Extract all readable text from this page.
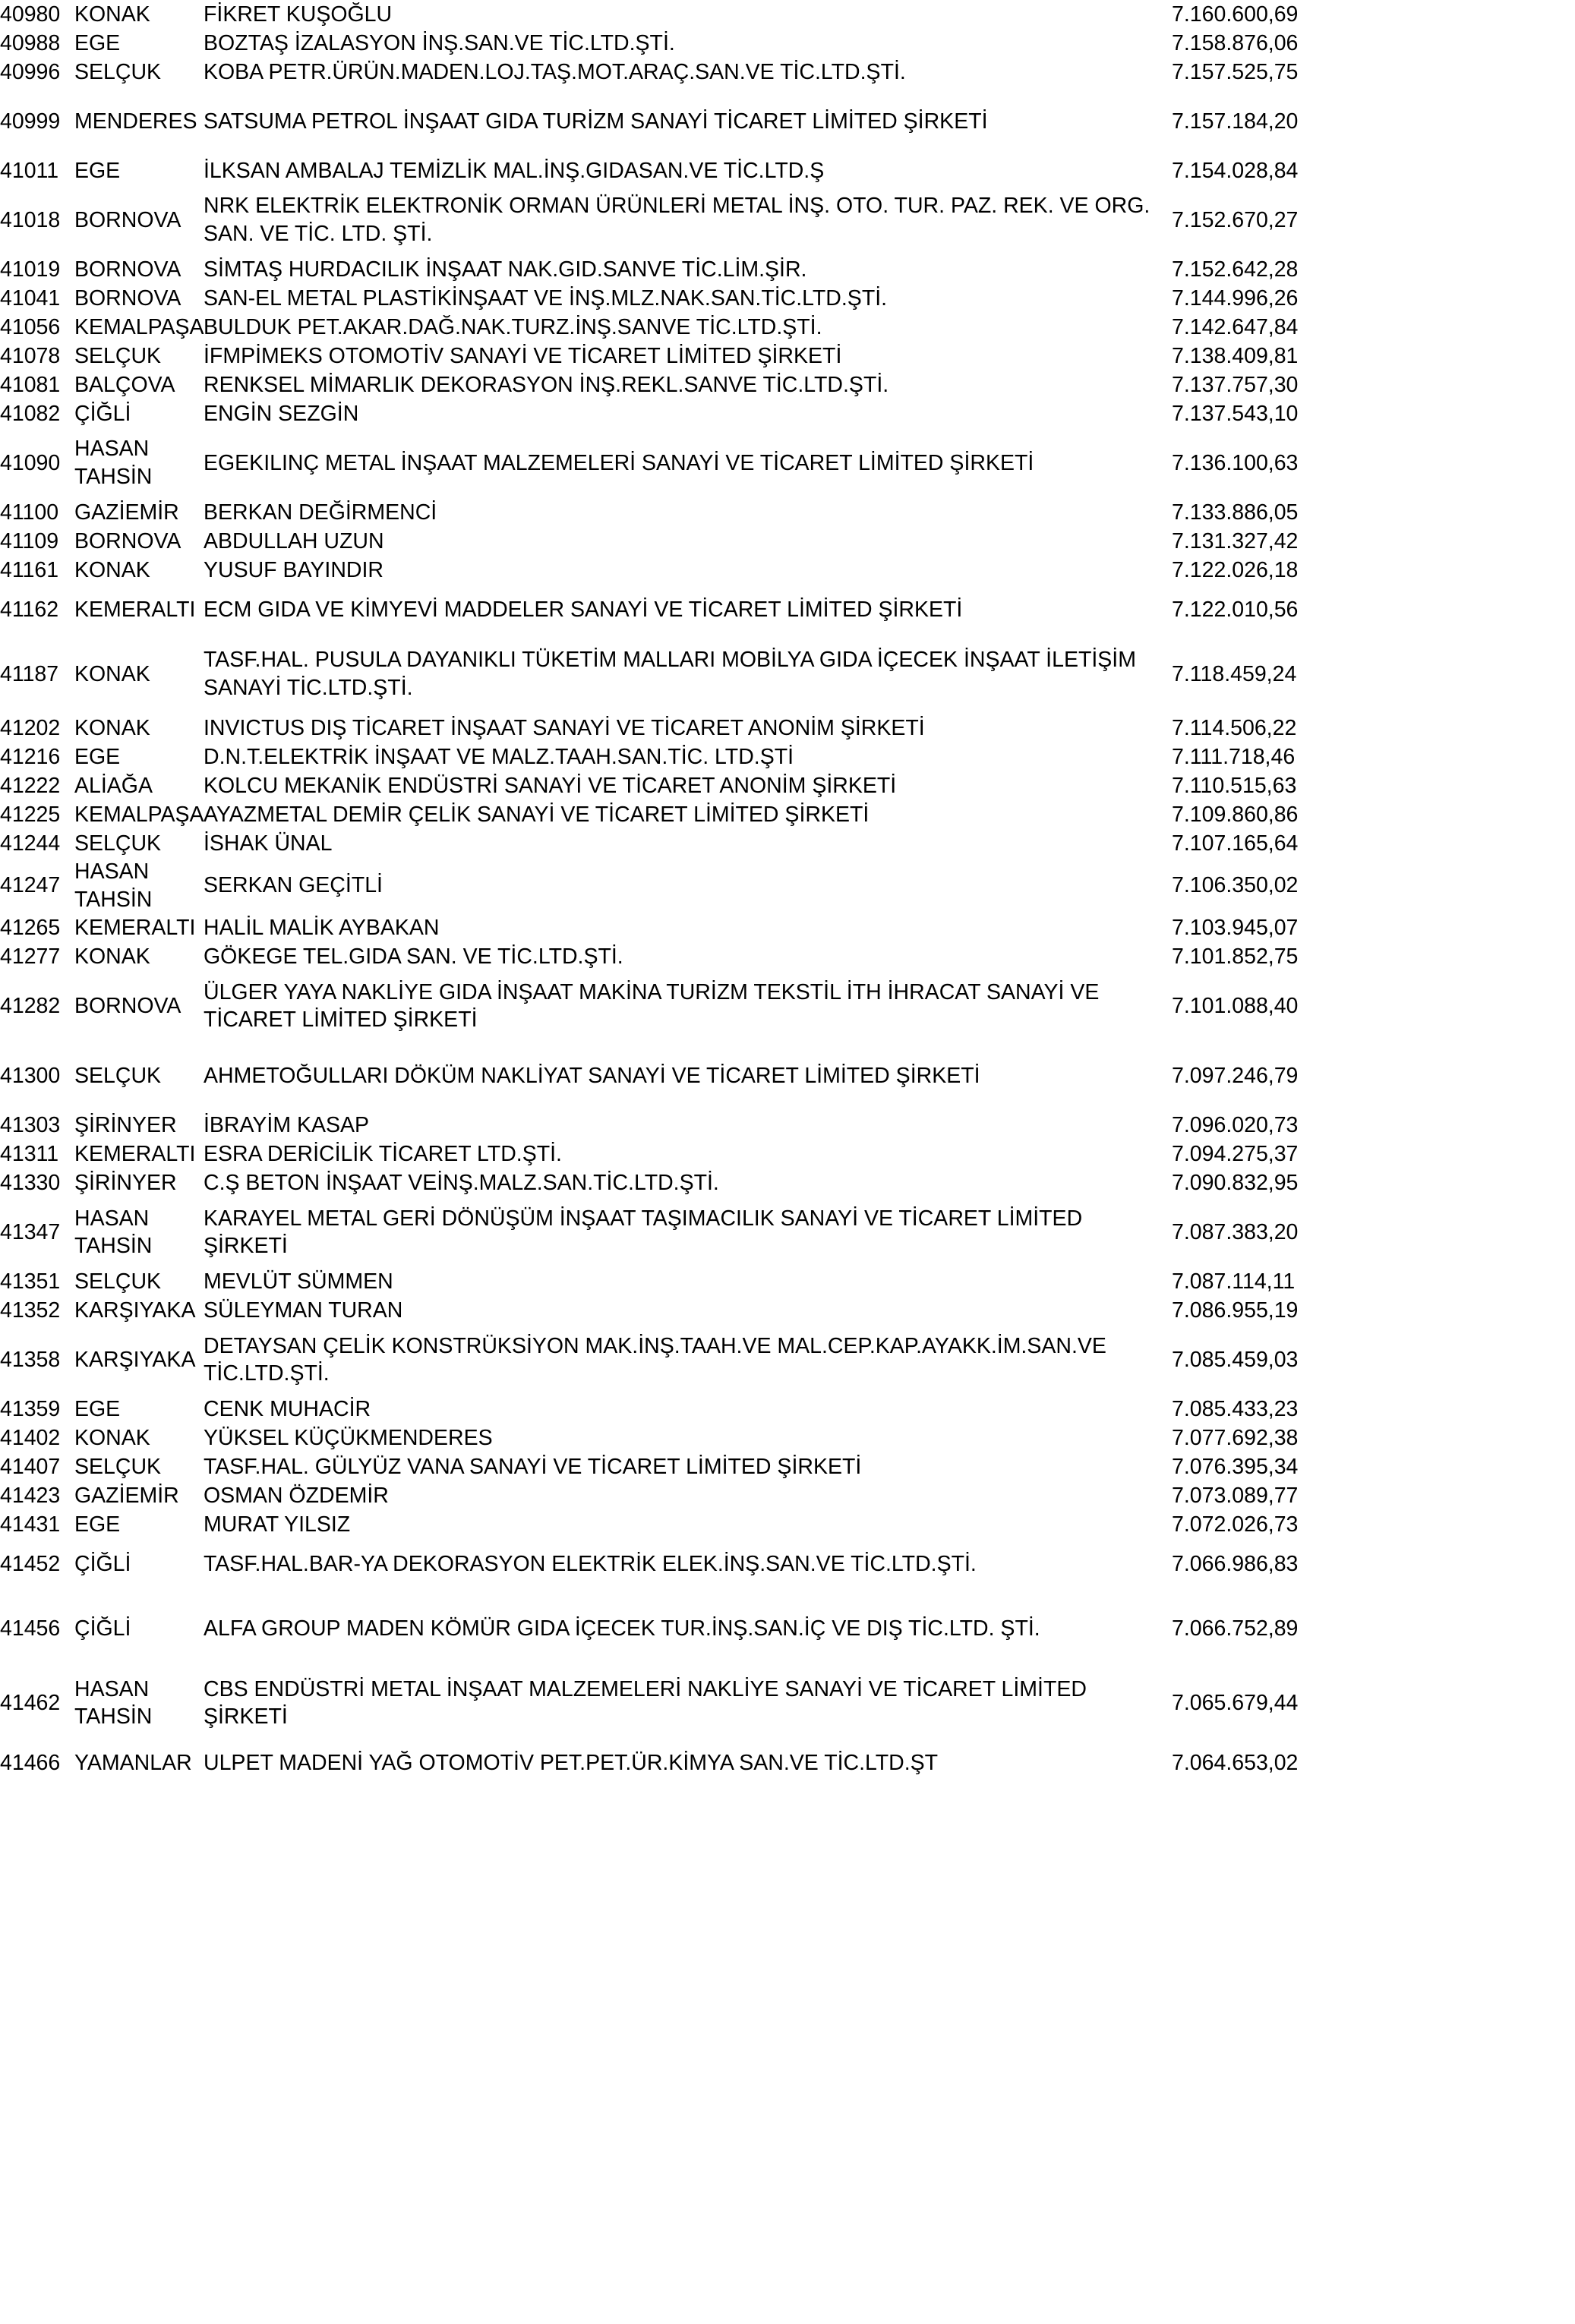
40980	KONAK	FİKRET KUŞOĞLU	7.160.600,69
40988	EGE	BOZTAŞ İZALASYON İNŞ.SAN.VE TİC.LTD.ŞTİ.	7.158.876,06
40996	SELÇUK	KOBA PETR.ÜRÜN.MADEN.LOJ.TAŞ.MOT.ARAÇ.SAN.VE TİC.LTD.ŞTİ.	7.157.525,75
40999	MENDERES	SATSUMA PETROL İNŞAAT GIDA TURİZM SANAYİ TİCARET LİMİTED ŞİRKETİ	7.157.184,20
41011	EGE	İLKSAN AMBALAJ TEMİZLİK MAL.İNŞ.GIDASAN.VE TİC.LTD.Ş	7.154.028,84
41018	BORNOVA	NRK ELEKTRİK ELEKTRONİK ORMAN ÜRÜNLERİ METAL İNŞ. OTO. TUR. PAZ. REK. VE ORG. SAN. VE TİC. LTD. ŞTİ.	7.152.670,27
41019	BORNOVA	SİMTAŞ HURDACILIK İNŞAAT NAK.GID.SANVE TİC.LİM.ŞİR.	7.152.642,28
41041	BORNOVA	SAN-EL METAL PLASTİKİNŞAAT VE İNŞ.MLZ.NAK.SAN.TİC.LTD.ŞTİ.	7.144.996,26
41056	KEMALPAŞA	BULDUK PET.AKAR.DAĞ.NAK.TURZ.İNŞ.SANVE TİC.LTD.ŞTİ.	7.142.647,84
41078	SELÇUK	İFMPİMEKS OTOMOTİV SANAYİ VE TİCARET LİMİTED ŞİRKETİ	7.138.409,81
41081	BALÇOVA	RENKSEL MİMARLIK DEKORASYON İNŞ.REKL.SANVE TİC.LTD.ŞTİ.	7.137.757,30
41082	ÇİĞLİ	ENGİN SEZGİN	7.137.543,10
41090	HASAN TAHSİN	EGEKILINÇ METAL İNŞAAT MALZEMELERİ SANAYİ VE TİCARET LİMİTED ŞİRKETİ	7.136.100,63
41100	GAZİEMİR	BERKAN DEĞİRMENCİ	7.133.886,05
41109	BORNOVA	ABDULLAH UZUN	7.131.327,42
41161	KONAK	YUSUF BAYINDIR	7.122.026,18
41162	KEMERALTI	ECM GIDA VE KİMYEVİ MADDELER SANAYİ VE TİCARET LİMİTED ŞİRKETİ	7.122.010,56
41187	KONAK	TASF.HAL. PUSULA DAYANIKLI TÜKETİM MALLARI MOBİLYA GIDA İÇECEK İNŞAAT İLETİŞİM SANAYİ TİC.LTD.ŞTİ.	7.118.459,24
41202	KONAK	INVICTUS DIŞ TİCARET İNŞAAT SANAYİ VE TİCARET ANONİM ŞİRKETİ	7.114.506,22
41216	EGE	D.N.T.ELEKTRİK İNŞAAT VE MALZ.TAAH.SAN.TİC. LTD.ŞTİ	7.111.718,46
41222	ALİAĞA	KOLCU MEKANİK ENDÜSTRİ SANAYİ VE TİCARET ANONİM ŞİRKETİ	7.110.515,63
41225	KEMALPAŞA	AYAZMETAL DEMİR ÇELİK SANAYİ VE TİCARET LİMİTED ŞİRKETİ	7.109.860,86
41244	SELÇUK	İSHAK ÜNAL	7.107.165,64
41247	HASAN TAHSİN	SERKAN GEÇİTLİ	7.106.350,02
41265	KEMERALTI	HALİL MALİK AYBAKAN	7.103.945,07
41277	KONAK	GÖKEGE TEL.GIDA SAN. VE TİC.LTD.ŞTİ.	7.101.852,75
41282	BORNOVA	ÜLGER YAYA NAKLİYE GIDA İNŞAAT MAKİNA TURİZM TEKSTİL İTH İHRACAT SANAYİ VE TİCARET LİMİTED ŞİRKETİ	7.101.088,40
41300	SELÇUK	AHMETOĞULLARI DÖKÜM NAKLİYAT SANAYİ VE TİCARET LİMİTED ŞİRKETİ	7.097.246,79
41303	ŞİRİNYER	İBRAYİM KASAP	7.096.020,73
41311	KEMERALTI	ESRA DERİCİLİK TİCARET LTD.ŞTİ.	7.094.275,37
41330	ŞİRİNYER	C.Ş BETON İNŞAAT VEİNŞ.MALZ.SAN.TİC.LTD.ŞTİ.	7.090.832,95
41347	HASAN TAHSİN	KARAYEL METAL GERİ DÖNÜŞÜM İNŞAAT TAŞIMACILIK SANAYİ VE TİCARET LİMİTED ŞİRKETİ	7.087.383,20
41351	SELÇUK	MEVLÜT SÜMMEN	7.087.114,11
41352	KARŞIYAKA	SÜLEYMAN TURAN	7.086.955,19
41358	KARŞIYAKA	DETAYSAN ÇELİK KONSTRÜKSİYON MAK.İNŞ.TAAH.VE MAL.CEP.KAP.AYAKK.İM.SAN.VE TİC.LTD.ŞTİ.	7.085.459,03
41359	EGE	CENK MUHACİR	7.085.433,23
41402	KONAK	YÜKSEL KÜÇÜKMENDERES	7.077.692,38
41407	SELÇUK	TASF.HAL. GÜLYÜZ VANA SANAYİ VE TİCARET LİMİTED ŞİRKETİ	7.076.395,34
41423	GAZİEMİR	OSMAN ÖZDEMİR	7.073.089,77
41431	EGE	MURAT YILSIZ	7.072.026,73
41452	ÇİĞLİ	TASF.HAL.BAR-YA DEKORASYON ELEKTRİK ELEK.İNŞ.SAN.VE TİC.LTD.ŞTİ.	7.066.986,83
41456	ÇİĞLİ	ALFA GROUP MADEN KÖMÜR GIDA İÇECEK TUR.İNŞ.SAN.İÇ VE DIŞ TİC.LTD. ŞTİ.	7.066.752,89
41462	HASAN TAHSİN	CBS ENDÜSTRİ METAL İNŞAAT MALZEMELERİ NAKLİYE SANAYİ VE TİCARET LİMİTED ŞİRKETİ	7.065.679,44
41466	YAMANLAR	ULPET MADENİ YAĞ OTOMOTİV PET.PET.ÜR.KİMYA SAN.VE TİC.LTD.ŞT	7.064.653,02
